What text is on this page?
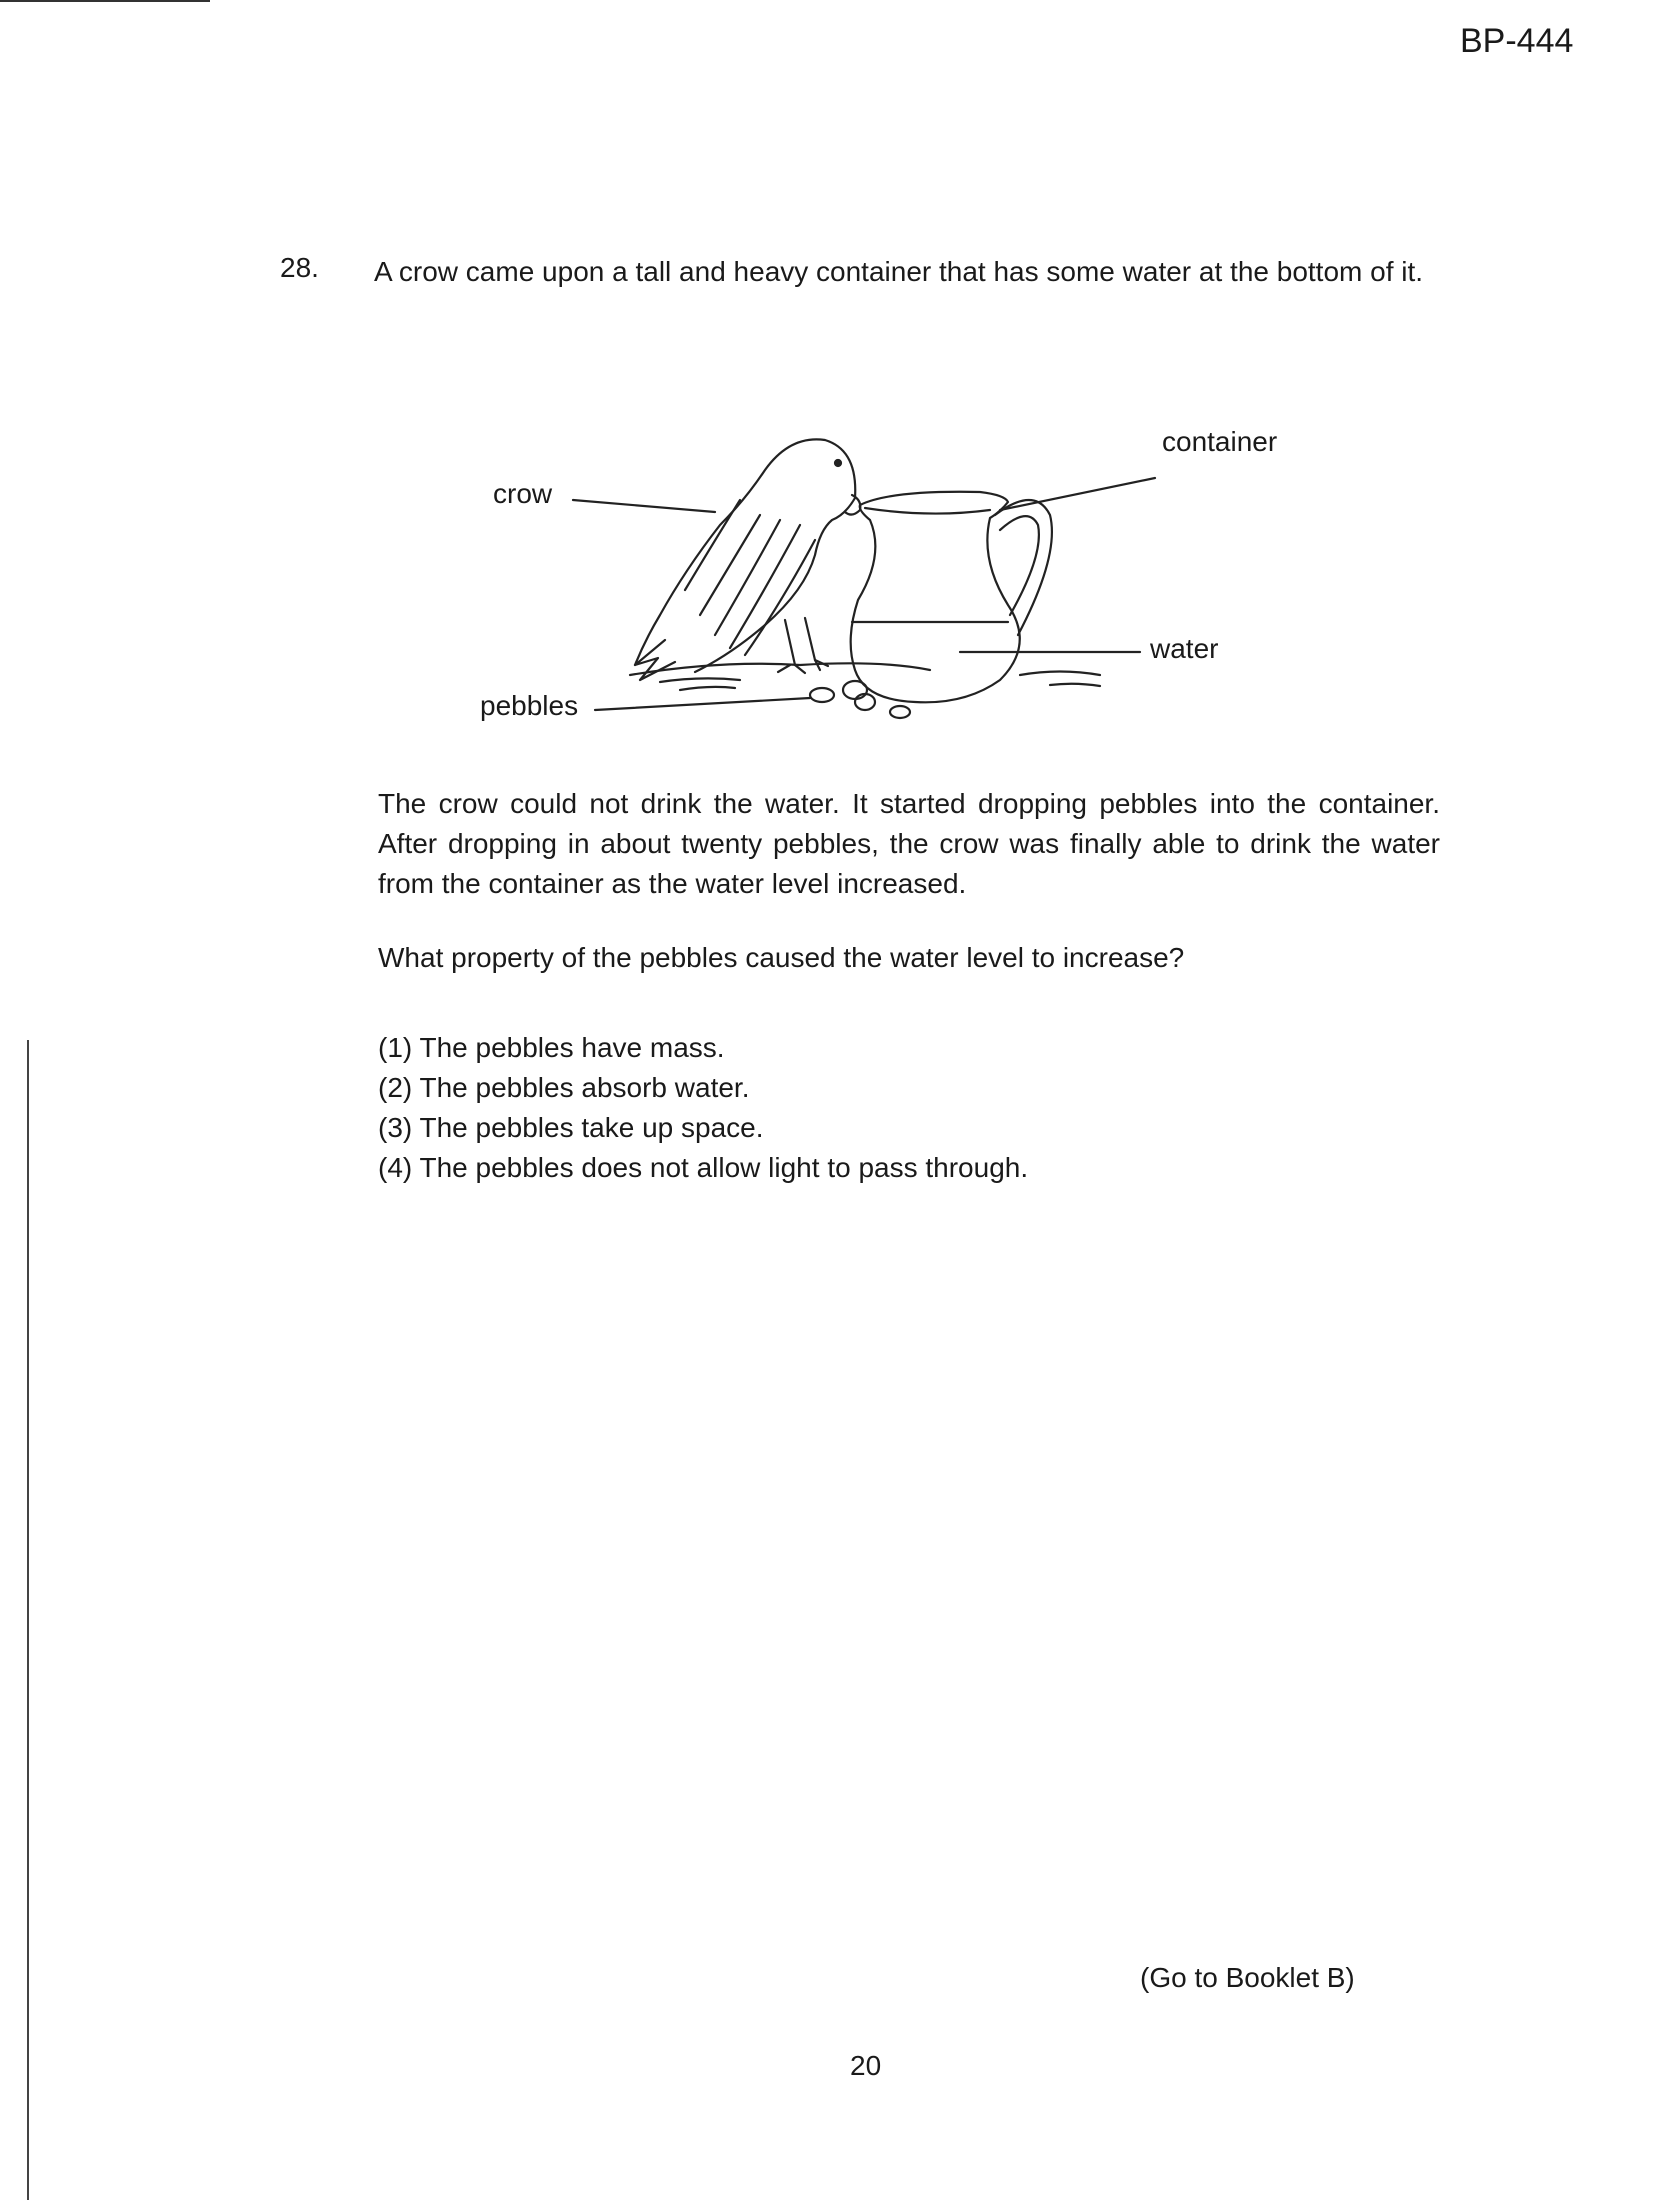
BP-444
28. A crow came upon a tall and heavy container that has some water at the bottom of it.
crow
container
water
pebbles
The crow could not drink the water. It started dropping pebbles into the container. After dropping in about twenty pebbles, the crow was finally able to drink the water from the container as the water level increased.
What property of the pebbles caused the water level to increase?
(1) The pebbles have mass.
(2) The pebbles absorb water.
(3) The pebbles take up space.
(4) The pebbles does not allow light to pass through.
(Go to Booklet B)
20
